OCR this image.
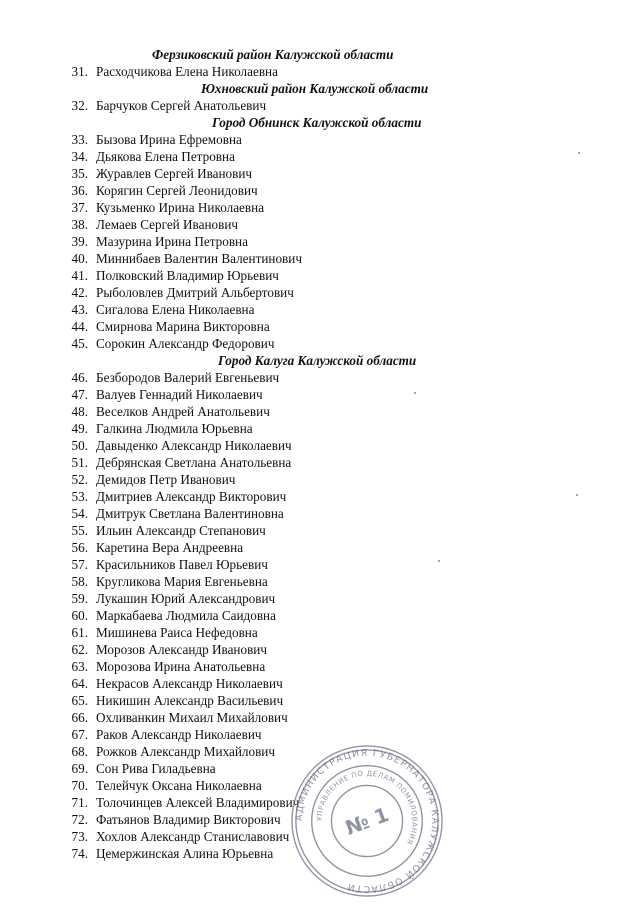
Ферзиковский район Калужской области
31. Расходчикова Елена Николаевна
Юхновский район Калужской области
32. Барчуков Сергей Анатольевич
Город Обнинск Калужской области
33. Бызова Ирина Ефремовна
34. Дьякова Елена Петровна
35. Журавлев Сергей Иванович
36. Корягин Сергей Леонидович
37. Кузьменко Ирина Николаевна
38. Лемаев Сергей Иванович
39. Мазурина Ирина Петровна
40. Миннибаев Валентин Валентинович
41. Полковский Владимир Юрьевич
42. Рыболовлев Дмитрий Альбертович
43. Сигалова Елена Николаевна
44. Смирнова Марина Викторовна
45. Сорокин Александр Федорович
Город Калуга Калужской области
46. Безбородов Валерий Евгеньевич
47. Валуев Геннадий Николаевич
48. Веселков Андрей Анатольевич
49. Галкина Людмила Юрьевна
50. Давыденко Александр Николаевич
51. Дебрянская Светлана Анатольевна
52. Демидов Петр Иванович
53. Дмитриев Александр Викторович
54. Дмитрук Светлана Валентиновна
55. Ильин Александр Степанович
56. Каретина Вера Андреевна
57. Красильников Павел Юрьевич
58. Кругликова Мария Евгеньевна
59. Лукашин Юрий Александрович
60. Маркабаева Людмила Саидовна
61. Мишинева Раиса Нефедовна
62. Морозов Александр Иванович
63. Морозова Ирина Анатольевна
64. Некрасов Александр Николаевич
65. Никишин Александр Васильевич
66. Охливанкин Михаил Михайлович
67. Раков Александр Николаевич
68. Рожков Александр Михайлович
69. Сон Рива Гиладьевна
70. Телейчук Оксана Николаевна
71. Толочинцев Алексей Владимирович
72. Фатьянов Владимир Викторович
73. Хохлов Александр Станиславович
74. Цемержинская Алина Юрьевна
АДМИНИСТРАЦИЯ ГУБЕРНАТОРА КАЛУЖСКОЙ ОБЛАСТИ
УПРАВЛЕНИЕ ПО ДЕЛАМ ПОМИЛОВАНИЯ
№ 1
